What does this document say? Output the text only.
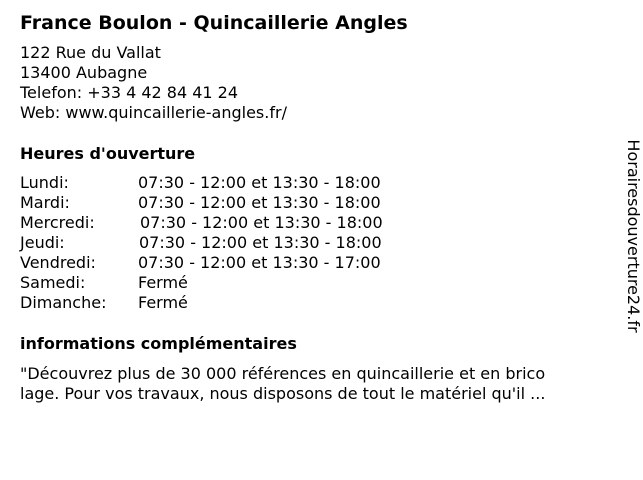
France Boulon - Quincaillerie Angles
122 Rue du Vallat
13400 Aubagne
Telefon: +33 4 42 84 41 24
Web: www.quincaillerie-angles.fr/
Heures d'ouverture
Lundi:	07:30 - 12:00 et 13:30 - 18:00
Mardi:	07:30 - 12:00 et 13:30 - 18:00
Mercredi:	07:30 - 12:00 et 13:30 - 18:00
Jeudi:	07:30 - 12:00 et 13:30 - 18:00
Vendredi:	07:30 - 12:00 et 13:30 - 17:00
Samedi:	Fermé
Dimanche: Fermé
informations complémentaires
"Découvrez plus de 30 000 références en quincaillerie et en brico
lage. Pour vos travaux, nous disposons de tout le matériel qu'il ...
Horairesdouverture24.fr
